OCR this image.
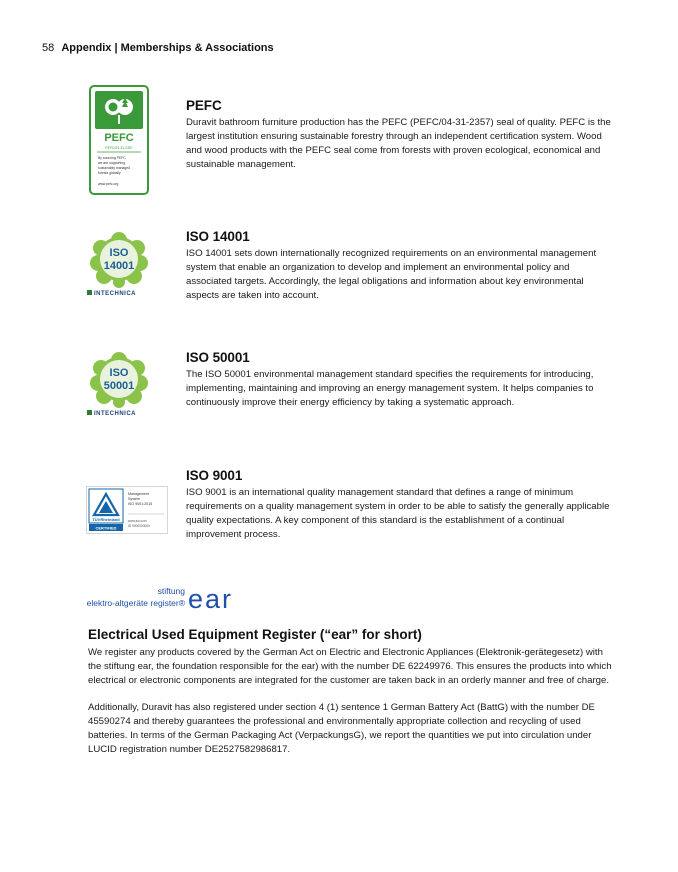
58 Appendix | Memberships & Associations
PEFC
PEFC/04-31-2357
By sourcing PEFC
we are supporting
sustainably managed
forests globally
www.pefc.org
PEFC

Duravit bathroom furniture production has the PEFC (PEFC/04-31-2357) seal of quality. PEFC is the largest institution ensuring sustainable forestry through an independent certification system. Wood and wood products with the PEFC seal come from forests with proven ecological, economical and sustainable management.

ISO
14001
INTECHNICA
ISO 14001

ISO 14001 sets down internationally recognized requirements on an environmental management system that enable an organization to develop and implement an environmental policy and associated targets. Accordingly, the legal obligations and information about key environmental aspects are taken into account.

ISO
50001
INTECHNICA
ISO 50001

The ISO 50001 environmental management standard specifies the requirements for introducing, implementing, maintaining and improving an energy management system. It helps companies to continuously improve their energy efficiency by taking a systematic approach.

TÜVRheinland
CERTIFIED
Management
System
ISO 9001:2015
www.tuv.com
ID 9000000000
ISO 9001

ISO 9001 is an international quality management standard that defines a range of minimum requirements on a quality management system in order to be able to satisfy the generally applicable quality expectations. A key component of this standard is the establishment of a continual improvement process.

stiftung
elektro-altgeräte register® ear
Electrical Used Equipment Register (“ear” for short)

We register any products covered by the German Act on Electric and Electronic Appliances (Elektronik-gerätegesetz) with the stiftung ear, the foundation responsible for the ear) with the number DE 62249976. This ensures the products into which electrical or electronic components are integrated for the customer are taken back in an orderly manner and free of charge.

Additionally, Duravit has also registered under section 4 (1) sentence 1 German Battery Act (BattG) with the number DE 45590274 and thereby guarantees the professional and environmentally appropriate collection and recycling of used batteries. In terms of the German Packaging Act (VerpackungsG), we report the quantities we put into circulation under LUCID registration number DE2527582986817.
